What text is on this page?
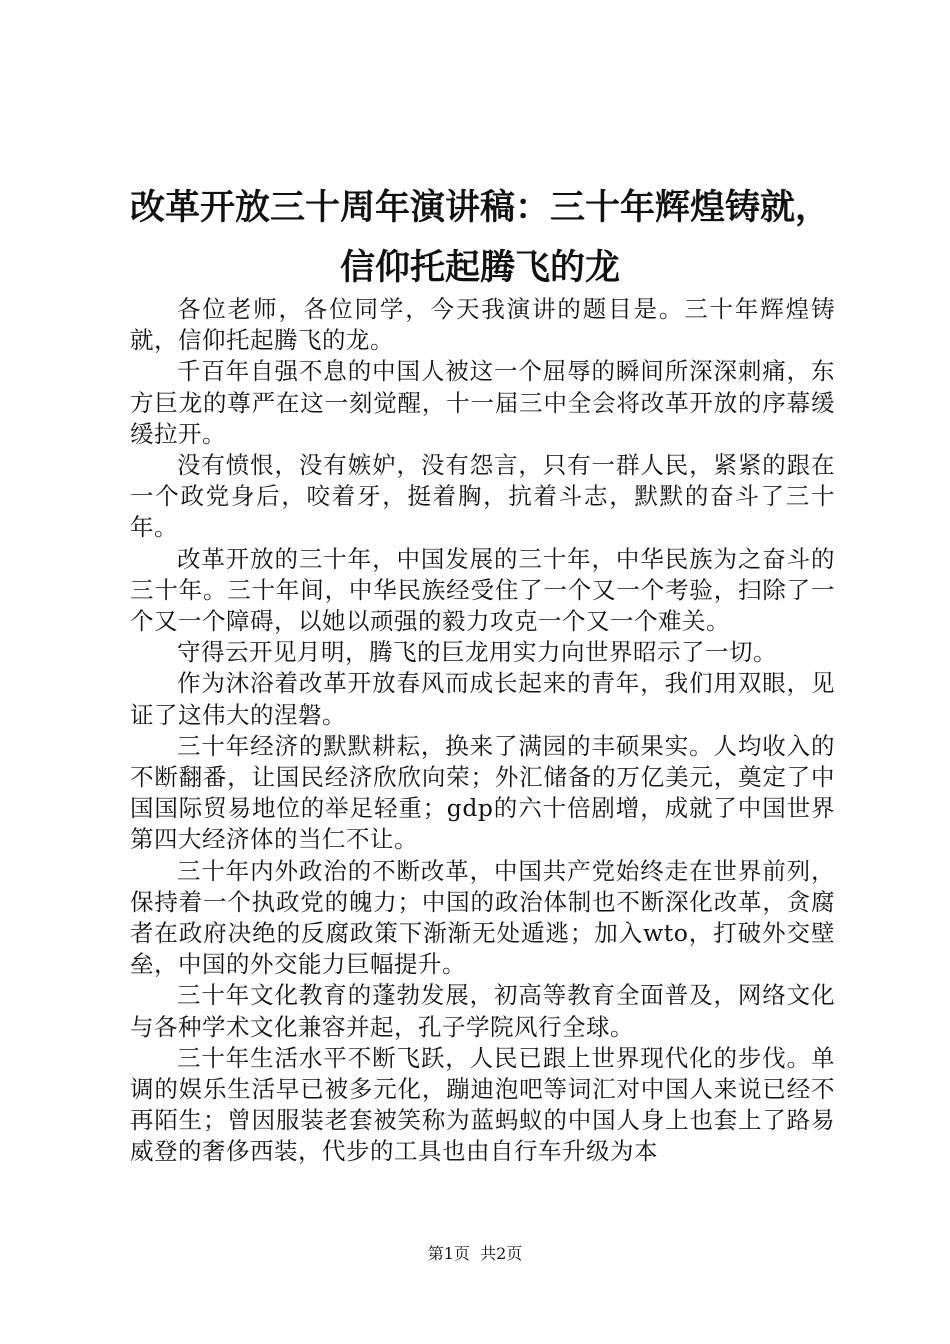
改革开放三十周年演讲稿：三十年辉煌铸就，
信仰托起腾飞的龙

各位老师，各位同学，今天我演讲的题目是。三十年辉煌铸就，信仰托起腾飞的龙。

千百年自强不息的中国人被这一个屈辱的瞬间所深深刺痛，东方巨龙的尊严在这一刻觉醒，十一届三中全会将改革开放的序幕缓缓拉开。

没有愤恨，没有嫉妒，没有怨言，只有一群人民，紧紧的跟在一个政党身后，咬着牙，挺着胸，抗着斗志，默默的奋斗了三十年。

改革开放的三十年，中国发展的三十年，中华民族为之奋斗的三十年。三十年间，中华民族经受住了一个又一个考验，扫除了一个又一个障碍，以她以顽强的毅力攻克一个又一个难关。

守得云开见月明，腾飞的巨龙用实力向世界昭示了一切。

作为沐浴着改革开放春风而成长起来的青年，我们用双眼，见证了这伟大的涅磐。

三十年经济的默默耕耘，换来了满园的丰硕果实。人均收入的不断翻番，让国民经济欣欣向荣；外汇储备的万亿美元，奠定了中国国际贸易地位的举足轻重；gdp的六十倍剧增，成就了中国世界第四大经济体的当仁不让。

三十年内外政治的不断改革，中国共产党始终走在世界前列，保持着一个执政党的魄力；中国的政治体制也不断深化改革，贪腐者在政府决绝的反腐政策下渐渐无处遁逃；加入wto，打破外交壁垒，中国的外交能力巨幅提升。

三十年文化教育的蓬勃发展，初高等教育全面普及，网络文化与各种学术文化兼容并起，孔子学院风行全球。

三十年生活水平不断飞跃，人民已跟上世界现代化的步伐。单调的娱乐生活早已被多元化，蹦迪泡吧等词汇对中国人来说已经不再陌生；曾因服装老套被笑称为蓝蚂蚁的中国人身上也套上了路易威登的奢侈西装，代步的工具也由自行车升级为本

第1页  共2页
